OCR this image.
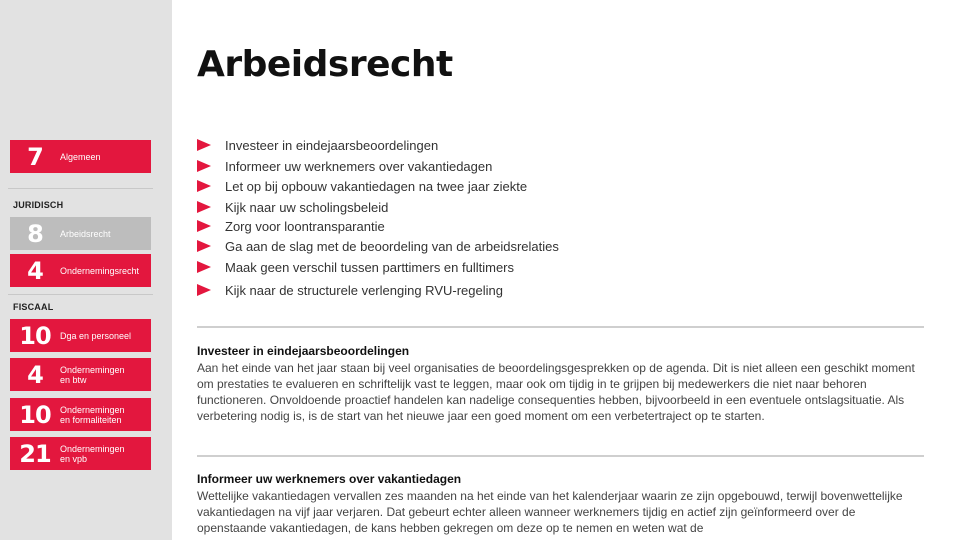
7	Algemeen
JURIDISCH
8	Arbeidsrecht
4	Ondernemingsrecht
FISCAAL
10	Dga en personeel
4	Ondernemingen
en btw
10	Ondernemingen
en formaliteiten
21	Ondernemingen
en vpb
Arbeidsrecht
Investeer in eindejaarsbeoordelingen
Informeer uw werknemers over vakantiedagen
Let op bij opbouw vakantiedagen na twee jaar ziekte
Kijk naar uw scholingsbeleid
Zorg voor loontransparantie
Ga aan de slag met de beoordeling van de arbeidsrelaties
Maak geen verschil tussen parttimers en fulltimers
Kijk naar de structurele verlenging RVU-regeling
Investeer in eindejaarsbeoordelingen

Aan het einde van het jaar staan bij veel organisaties de beoordelingsgesprekken op de agenda. Dit is niet alleen een geschikt moment om prestaties te evalueren en schriftelijk vast te leggen, maar ook om tijdig in te grijpen bij medewerkers die niet naar behoren functioneren. Onvoldoende proactief handelen kan nadelige consequenties hebben, bijvoorbeeld in een eventuele ontslagsituatie. Als verbetering nodig is, is de start van het nieuwe jaar een goed moment om een verbetertraject op te starten.

Informeer uw werknemers over vakantiedagen

Wettelijke vakantiedagen vervallen zes maanden na het einde van het kalenderjaar waarin ze zijn opgebouwd, terwijl bovenwettelijke vakantiedagen na vijf jaar verjaren. Dat gebeurt echter alleen wanneer werknemers tijdig en actief zijn geïnformeerd over de openstaande vakantiedagen, de kans hebben gekregen om deze op te nemen en weten wat de
